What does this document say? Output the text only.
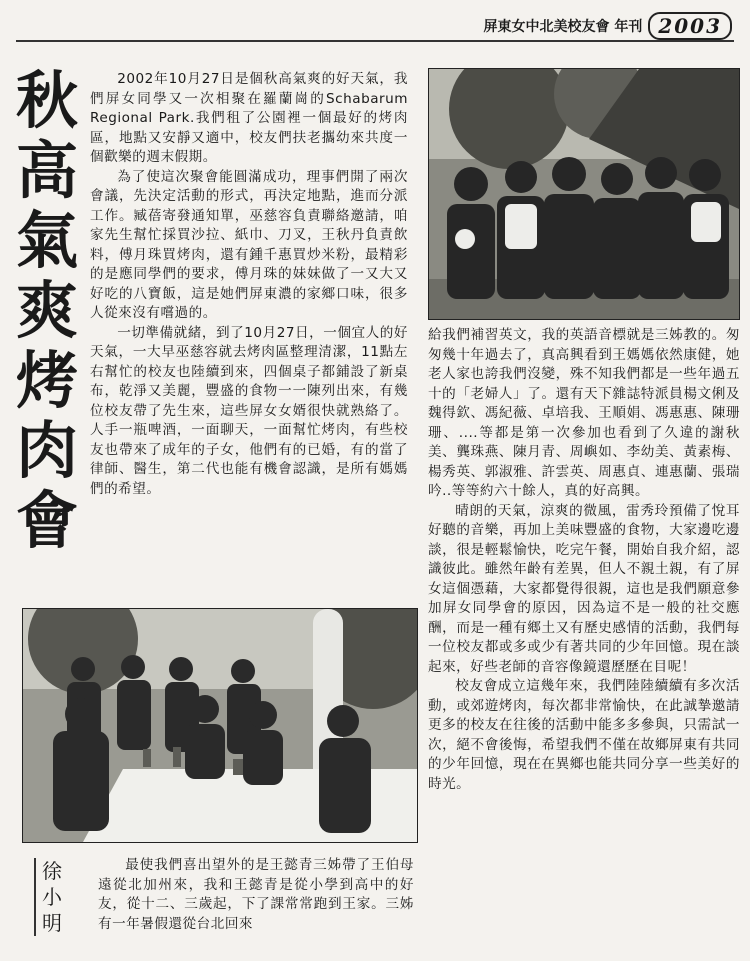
屏東女中北美校友會 年刊 2003
秋
高
氣
爽
烤
肉
會

2002年10月27日是個秋高氣爽的好天氣，我們屏女同學又一次相聚在羅蘭崗的Schabarum Regional Park.我們租了公園裡一個最好的烤肉區，地點又安靜又適中，校友們扶老攜幼來共度一個歡樂的週末假期。

為了使這次聚會能圓滿成功，理事們開了兩次會議，先決定活動的形式，再決定地點，進而分派工作。臧蓓寄發通知單，巫慈容負責聯絡邀請，咱家先生幫忙採買沙拉、紙巾、刀叉，王秋丹負責飲料，傅月珠買烤肉，還有鍾千惠買炒米粉，最精彩的是應同學們的要求，傅月珠的妹妹做了一又大又好吃的八寶飯，這是她們屏東濃的家鄉口味，很多人從來沒有嚐過的。

一切準備就緒，到了10月27日，一個宜人的好天氣，一大早巫慈容就去烤肉區整理清潔，11點左右幫忙的校友也陸續到來，四個桌子都鋪設了新桌布，乾淨又美麗，豐盛的食物一一陳列出來，有幾位校友帶了先生來，這些屏女女婿很快就熟絡了。人手一瓶啤酒，一面聊天，一面幫忙烤肉，有些校友也帶來了成年的子女，他們有的已婚，有的當了律師、醫生，第二代也能有機會認識，是所有媽媽們的希望。

給我們補習英文，我的英語音標就是三姊教的。匆匆幾十年過去了，真高興看到王媽媽依然康健，她老人家也誇我們沒變，殊不知我們都是一些年過五十的「老婦人」了。還有天下雜誌特派員楊文俐及魏得欽、馮紀薇、卓培我、王順娟、馮惠惠、陳珊珊、....等都是第一次參加也看到了久違的謝秋美、龔珠燕、陳月青、周嶼如、李幼美、黃素梅、楊秀英、郭淑雅、許雲英、周惠貞、連惠蘭、張瑞吟..等等約六十餘人，真的好高興。

晴朗的天氣，涼爽的微風，雷秀玲預備了悅耳好聽的音樂，再加上美味豐盛的食物，大家邊吃邊談，很是輕鬆愉快，吃完午餐，開始自我介紹，認識彼此。雖然年齡有差異，但人不親土親，有了屏女這個憑藉，大家都覺得很親，這也是我們願意參加屏女同學會的原因，因為這不是一般的社交應酬，而是一種有鄉土又有歷史感情的活動，我們每一位校友都或多或少有著共同的少年回憶。現在談起來，好些老師的音容像鏡還歷歷在目呢！

校友會成立這幾年來，我們陸陸續續有多次活動，或郊遊烤肉，每次都非常愉快，在此誠摯邀請更多的校友在往後的活動中能多多參與，只需試一次，絕不會後悔，希望我們不僅在故鄉屏東有共同的少年回憶，現在在異鄉也能共同分享一些美好的時光。

最使我們喜出望外的是王懿青三姊帶了王伯母遠從北加州來，我和王懿青是從小學到高中的好友，從十二、三歲起，下了課常常跑到王家。三姊有一年暑假還從台北回來

徐
小
明
